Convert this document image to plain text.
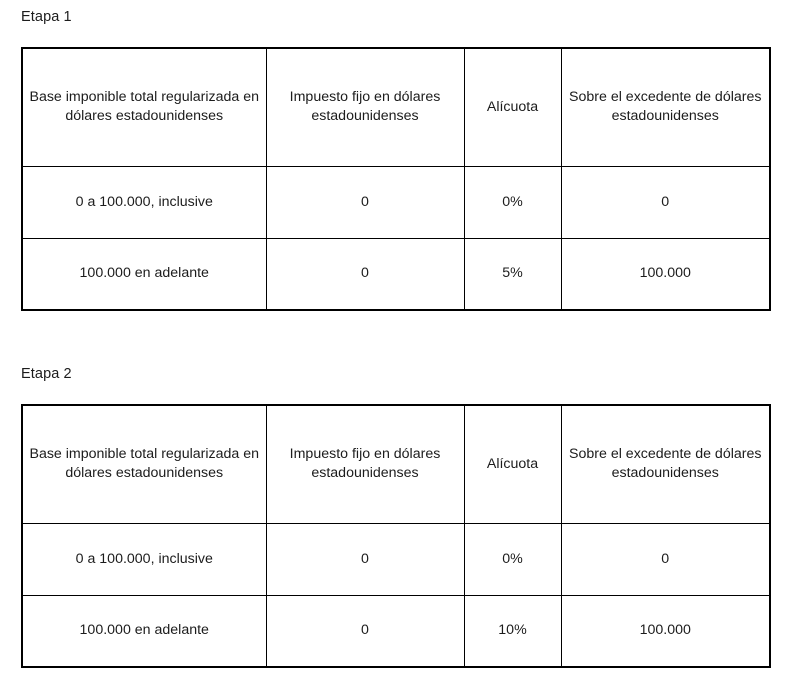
Etapa 1
Base imponible total regularizada en dólares estadounidenses	Impuesto fijo en dólares estadounidenses	Alícuota	Sobre el excedente de dólares estadounidenses

0 a 100.000, inclusive	0	0%	0

100.000 en adelante	0	5%	100.000
Etapa 2
Base imponible total regularizada en dólares estadounidenses	Impuesto fijo en dólares estadounidenses	Alícuota	Sobre el excedente de dólares estadounidenses

0 a 100.000, inclusive	0	0%	0

100.000 en adelante	0	10%	100.000
